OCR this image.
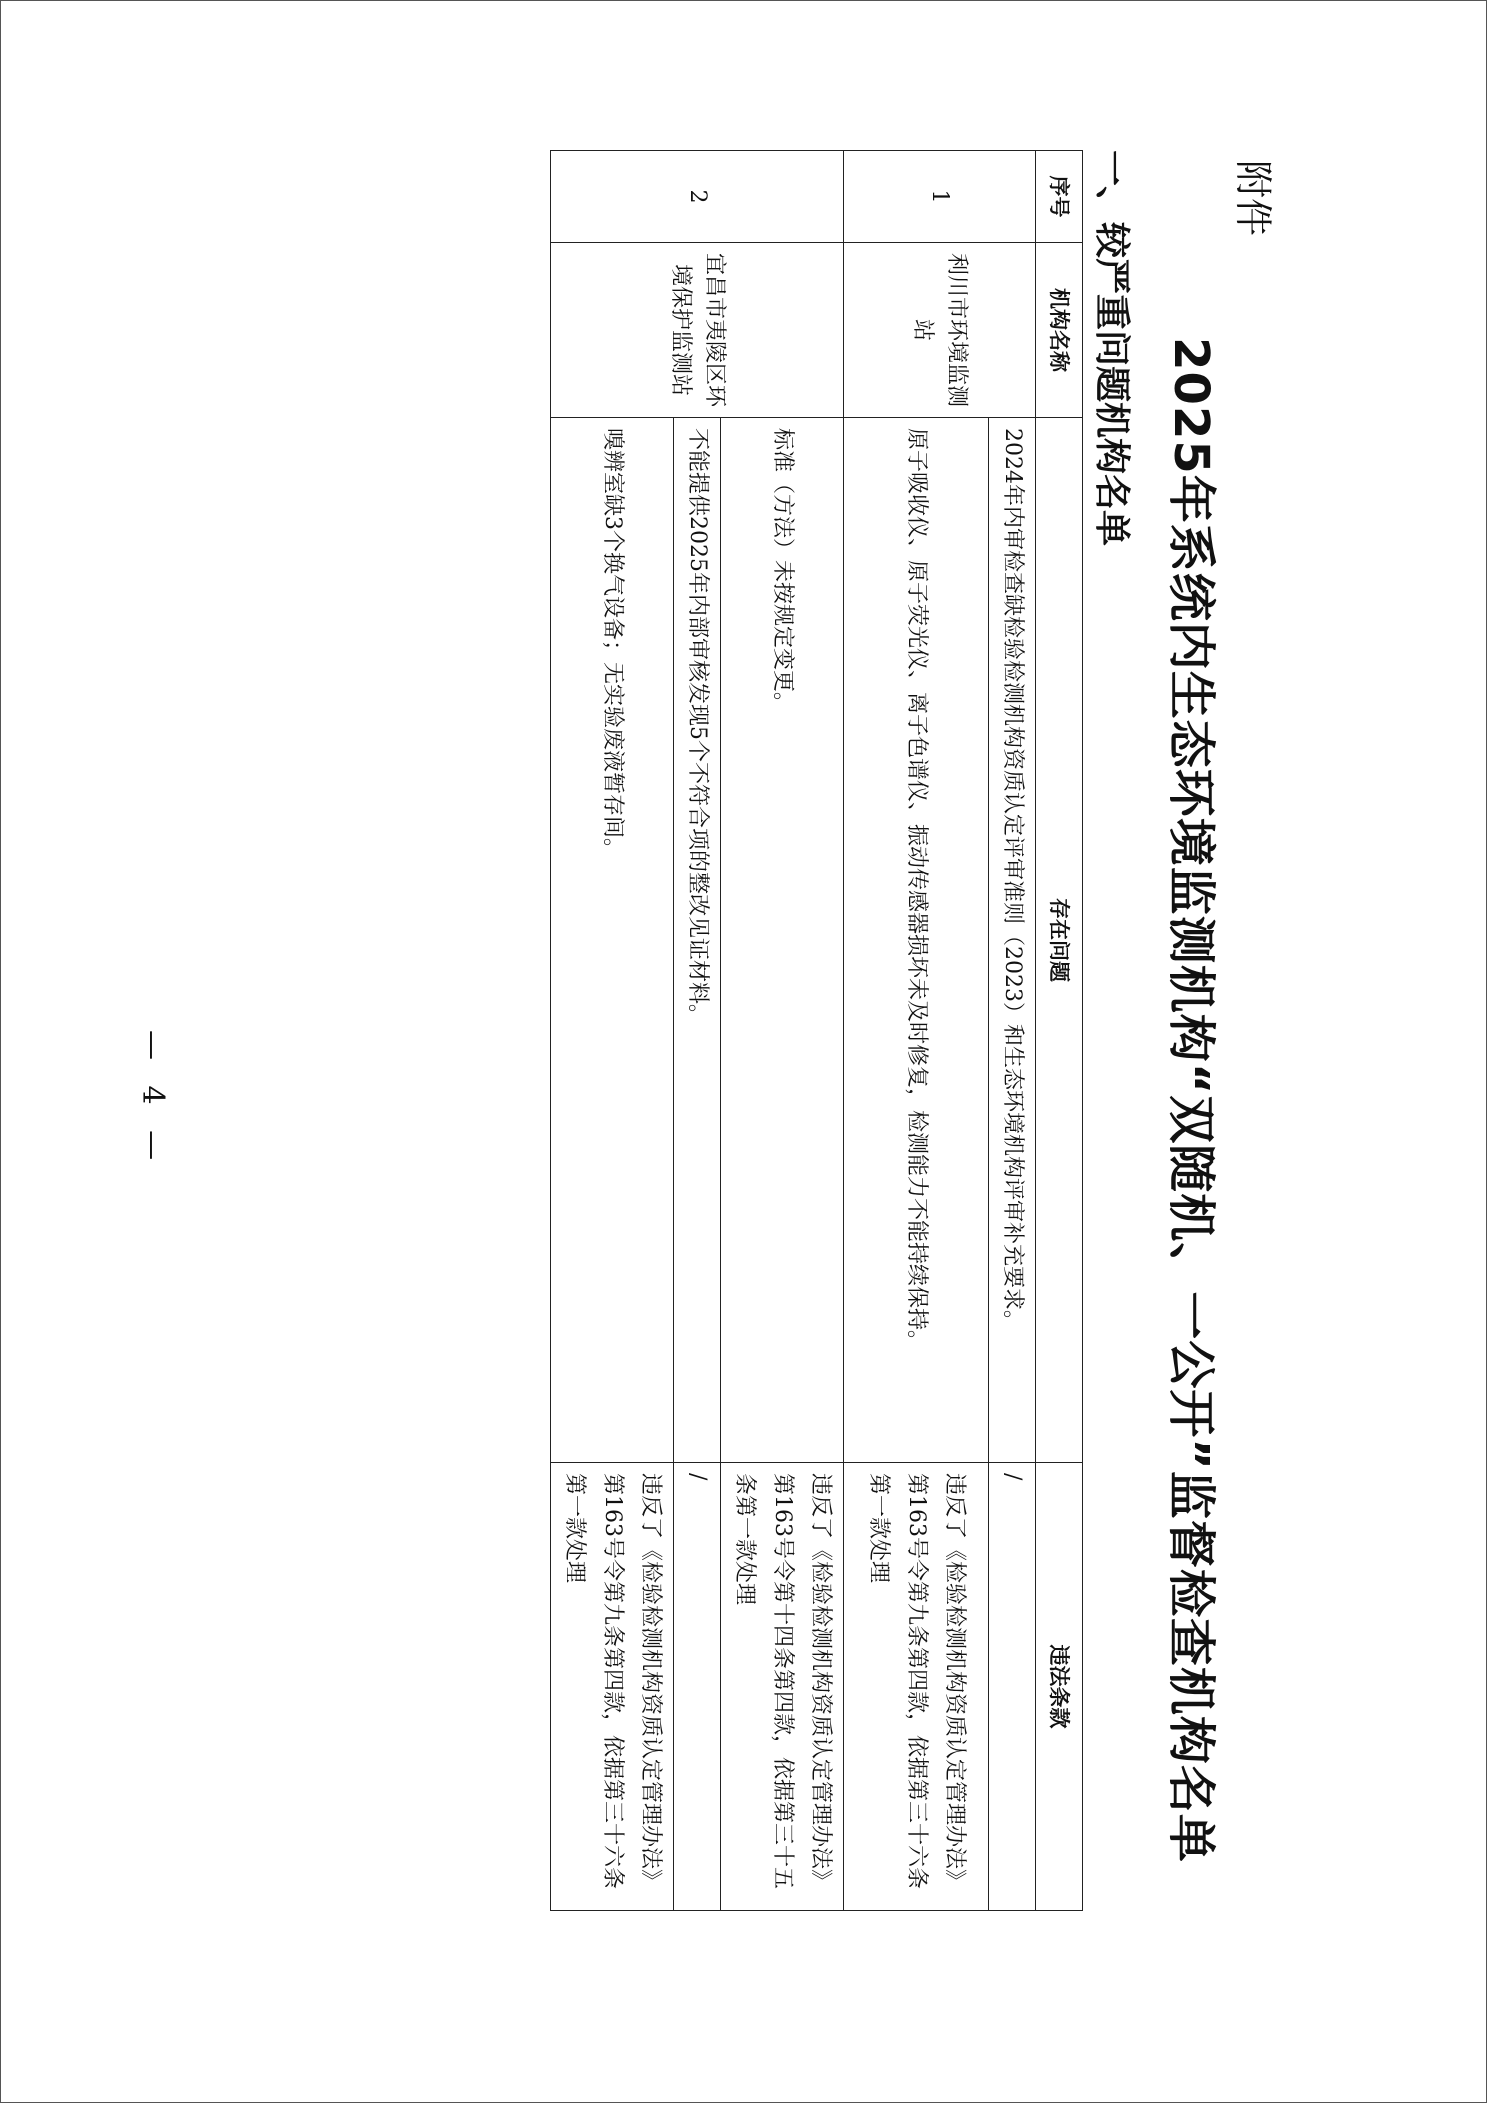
附件
2025年系统内生态环境监测机构“双随机、一公开”监督检查机构名单
一、较严重问题机构名单
序号	机构名称	存在问题	违法条款
1	利川市环境监测站	2024年内审检查缺检验检测机构资质认定评审准则（2023）和生态环境机构评审补充要求。	/
		原子吸收仪、原子荧光仪、离子色谱仪、振动传感器损坏未及时修复，检测能力不能持续保持。	违反了《检验检测机构资质认定管理办法》第163号令第九条第四款，依据第三十六条第一款处理
2	宜昌市夷陵区环境保护监测站	标准（方法）未按规定变更。	违反了《检验检测机构资质认定管理办法》第163号令第十四条第四款，依据第三十五条第一款处理
		不能提供2025年内部审核发现5个不符合项的整改见证材料。	/
		嗅辨室缺3个换气设备；无实验废液暂存间。	违反了《检验检测机构资质认定管理办法》第163号令第九条第四款，依据第三十六条第一款处理
— 4 —
